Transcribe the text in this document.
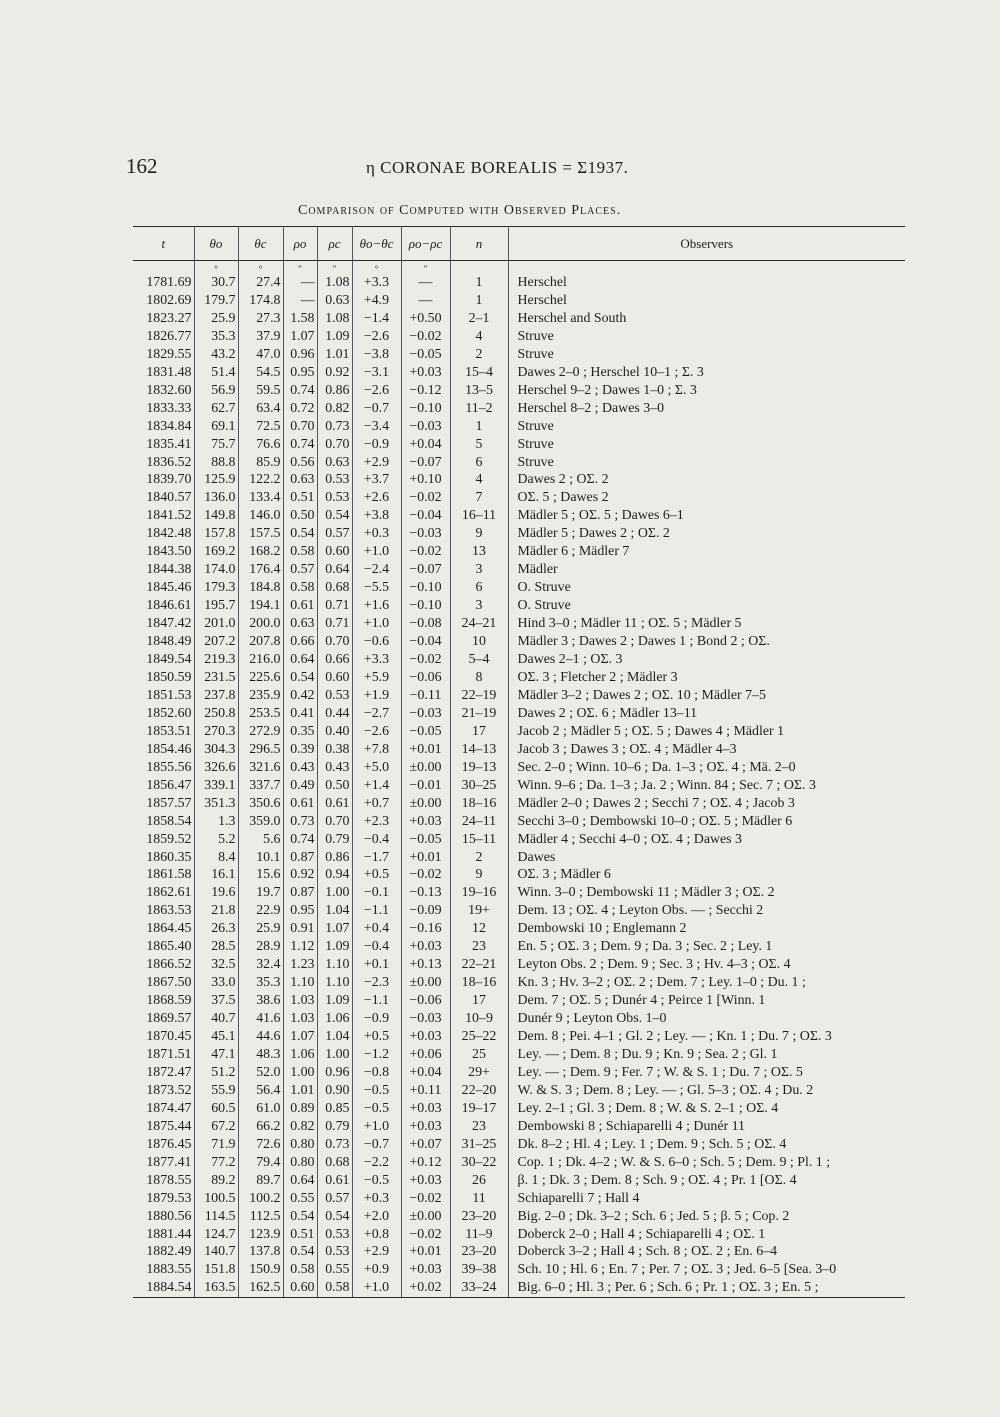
162	η CORONAE BOREALIS = Σ1937.
Comparison of Computed with Observed Places.
t	θo	θc	ρo	ρc	θo−θc	ρo−ρc	n	Observers
	°	°	″	″	°	″		
1781.69	30.7	27.4	—	1.08	+3.3	—	1	Herschel
1802.69	179.7	174.8	—	0.63	+4.9	—	1	Herschel
1823.27	25.9	27.3	1.58	1.08	−1.4	+0.50	2–1	Herschel and South
1826.77	35.3	37.9	1.07	1.09	−2.6	−0.02	4	Struve
1829.55	43.2	47.0	0.96	1.01	−3.8	−0.05	2	Struve
1831.48	51.4	54.5	0.95	0.92	−3.1	+0.03	15–4	Dawes 2–0 ; Herschel 10–1 ; Σ. 3
1832.60	56.9	59.5	0.74	0.86	−2.6	−0.12	13–5	Herschel 9–2 ; Dawes 1–0 ; Σ. 3
1833.33	62.7	63.4	0.72	0.82	−0.7	−0.10	11–2	Herschel 8–2 ; Dawes 3–0
1834.84	69.1	72.5	0.70	0.73	−3.4	−0.03	1	Struve
1835.41	75.7	76.6	0.74	0.70	−0.9	+0.04	5	Struve
1836.52	88.8	85.9	0.56	0.63	+2.9	−0.07	6	Struve
1839.70	125.9	122.2	0.63	0.53	+3.7	+0.10	4	Dawes 2 ; OΣ. 2
1840.57	136.0	133.4	0.51	0.53	+2.6	−0.02	7	OΣ. 5 ; Dawes 2
1841.52	149.8	146.0	0.50	0.54	+3.8	−0.04	16–11	Mädler 5 ; OΣ. 5 ; Dawes 6–1
1842.48	157.8	157.5	0.54	0.57	+0.3	−0.03	9	Mädler 5 ; Dawes 2 ; OΣ. 2
1843.50	169.2	168.2	0.58	0.60	+1.0	−0.02	13	Mädler 6 ; Mädler 7
1844.38	174.0	176.4	0.57	0.64	−2.4	−0.07	3	Mädler
1845.46	179.3	184.8	0.58	0.68	−5.5	−0.10	6	O. Struve
1846.61	195.7	194.1	0.61	0.71	+1.6	−0.10	3	O. Struve
1847.42	201.0	200.0	0.63	0.71	+1.0	−0.08	24–21	Hind 3–0 ; Mädler 11 ; OΣ. 5 ; Mädler 5
1848.49	207.2	207.8	0.66	0.70	−0.6	−0.04	10	Mädler 3 ; Dawes 2 ; Dawes 1 ; Bond 2 ; OΣ.
1849.54	219.3	216.0	0.64	0.66	+3.3	−0.02	5–4	Dawes 2–1 ; OΣ. 3
1850.59	231.5	225.6	0.54	0.60	+5.9	−0.06	8	OΣ. 3 ; Fletcher 2 ; Mädler 3
1851.53	237.8	235.9	0.42	0.53	+1.9	−0.11	22–19	Mädler 3–2 ; Dawes 2 ; OΣ. 10 ; Mädler 7–5
1852.60	250.8	253.5	0.41	0.44	−2.7	−0.03	21–19	Dawes 2 ; OΣ. 6 ; Mädler 13–11
1853.51	270.3	272.9	0.35	0.40	−2.6	−0.05	17	Jacob 2 ; Mädler 5 ; OΣ. 5 ; Dawes 4 ; Mädler 1
1854.46	304.3	296.5	0.39	0.38	+7.8	+0.01	14–13	Jacob 3 ; Dawes 3 ; OΣ. 4 ; Mädler 4–3
1855.56	326.6	321.6	0.43	0.43	+5.0	±0.00	19–13	Sec. 2–0 ; Winn. 10–6 ; Da. 1–3 ; OΣ. 4 ; Mä. 2–0
1856.47	339.1	337.7	0.49	0.50	+1.4	−0.01	30–25	Winn. 9–6 ; Da. 1–3 ; Ja. 2 ; Winn. 84 ; Sec. 7 ; OΣ. 3
1857.57	351.3	350.6	0.61	0.61	+0.7	±0.00	18–16	Mädler 2–0 ; Dawes 2 ; Secchi 7 ; OΣ. 4 ; Jacob 3
1858.54	1.3	359.0	0.73	0.70	+2.3	+0.03	24–11	Secchi 3–0 ; Dembowski 10–0 ; OΣ. 5 ; Mädler 6
1859.52	5.2	5.6	0.74	0.79	−0.4	−0.05	15–11	Mädler 4 ; Secchi 4–0 ; OΣ. 4 ; Dawes 3
1860.35	8.4	10.1	0.87	0.86	−1.7	+0.01	2	Dawes
1861.58	16.1	15.6	0.92	0.94	+0.5	−0.02	9	OΣ. 3 ; Mädler 6
1862.61	19.6	19.7	0.87	1.00	−0.1	−0.13	19–16	Winn. 3–0 ; Dembowski 11 ; Mädler 3 ; OΣ. 2
1863.53	21.8	22.9	0.95	1.04	−1.1	−0.09	19+	Dem. 13 ; OΣ. 4 ; Leyton Obs. — ; Secchi 2
1864.45	26.3	25.9	0.91	1.07	+0.4	−0.16	12	Dembowski 10 ; Englemann 2
1865.40	28.5	28.9	1.12	1.09	−0.4	+0.03	23	En. 5 ; OΣ. 3 ; Dem. 9 ; Da. 3 ; Sec. 2 ; Ley. 1
1866.52	32.5	32.4	1.23	1.10	+0.1	+0.13	22–21	Leyton Obs. 2 ; Dem. 9 ; Sec. 3 ; Hv. 4–3 ; OΣ. 4
1867.50	33.0	35.3	1.10	1.10	−2.3	±0.00	18–16	Kn. 3 ; Hv. 3–2 ; OΣ. 2 ; Dem. 7 ; Ley. 1–0 ; Du. 1 ;
1868.59	37.5	38.6	1.03	1.09	−1.1	−0.06	17	Dem. 7 ; OΣ. 5 ; Dunér 4 ; Peirce 1 [Winn. 1
1869.57	40.7	41.6	1.03	1.06	−0.9	−0.03	10–9	Dunér 9 ; Leyton Obs. 1–0
1870.45	45.1	44.6	1.07	1.04	+0.5	+0.03	25–22	Dem. 8 ; Pei. 4–1 ; Gl. 2 ; Ley. — ; Kn. 1 ; Du. 7 ; OΣ. 3
1871.51	47.1	48.3	1.06	1.00	−1.2	+0.06	25	Ley. — ; Dem. 8 ; Du. 9 ; Kn. 9 ; Sea. 2 ; Gl. 1
1872.47	51.2	52.0	1.00	0.96	−0.8	+0.04	29+	Ley. — ; Dem. 9 ; Fer. 7 ; W. & S. 1 ; Du. 7 ; OΣ. 5
1873.52	55.9	56.4	1.01	0.90	−0.5	+0.11	22–20	W. & S. 3 ; Dem. 8 ; Ley. — ; Gl. 5–3 ; OΣ. 4 ; Du. 2
1874.47	60.5	61.0	0.89	0.85	−0.5	+0.03	19–17	Ley. 2–1 ; Gl. 3 ; Dem. 8 ; W. & S. 2–1 ; OΣ. 4
1875.44	67.2	66.2	0.82	0.79	+1.0	+0.03	23	Dembowski 8 ; Schiaparelli 4 ; Dunér 11
1876.45	71.9	72.6	0.80	0.73	−0.7	+0.07	31–25	Dk. 8–2 ; Hl. 4 ; Ley. 1 ; Dem. 9 ; Sch. 5 ; OΣ. 4
1877.41	77.2	79.4	0.80	0.68	−2.2	+0.12	30–22	Cop. 1 ; Dk. 4–2 ; W. & S. 6–0 ; Sch. 5 ; Dem. 9 ; Pl. 1 ;
1878.55	89.2	89.7	0.64	0.61	−0.5	+0.03	26	β. 1 ; Dk. 3 ; Dem. 8 ; Sch. 9 ; OΣ. 4 ; Pr. 1 [OΣ. 4
1879.53	100.5	100.2	0.55	0.57	+0.3	−0.02	11	Schiaparelli 7 ; Hall 4
1880.56	114.5	112.5	0.54	0.54	+2.0	±0.00	23–20	Big. 2–0 ; Dk. 3–2 ; Sch. 6 ; Jed. 5 ; β. 5 ; Cop. 2
1881.44	124.7	123.9	0.51	0.53	+0.8	−0.02	11–9	Doberck 2–0 ; Hall 4 ; Schiaparelli 4 ; OΣ. 1
1882.49	140.7	137.8	0.54	0.53	+2.9	+0.01	23–20	Doberck 3–2 ; Hall 4 ; Sch. 8 ; OΣ. 2 ; En. 6–4
1883.55	151.8	150.9	0.58	0.55	+0.9	+0.03	39–38	Sch. 10 ; Hl. 6 ; En. 7 ; Per. 7 ; OΣ. 3 ; Jed. 6–5 [Sea. 3–0
1884.54	163.5	162.5	0.60	0.58	+1.0	+0.02	33–24	Big. 6–0 ; Hl. 3 ; Per. 6 ; Sch. 6 ; Pr. 1 ; OΣ. 3 ; En. 5 ;
